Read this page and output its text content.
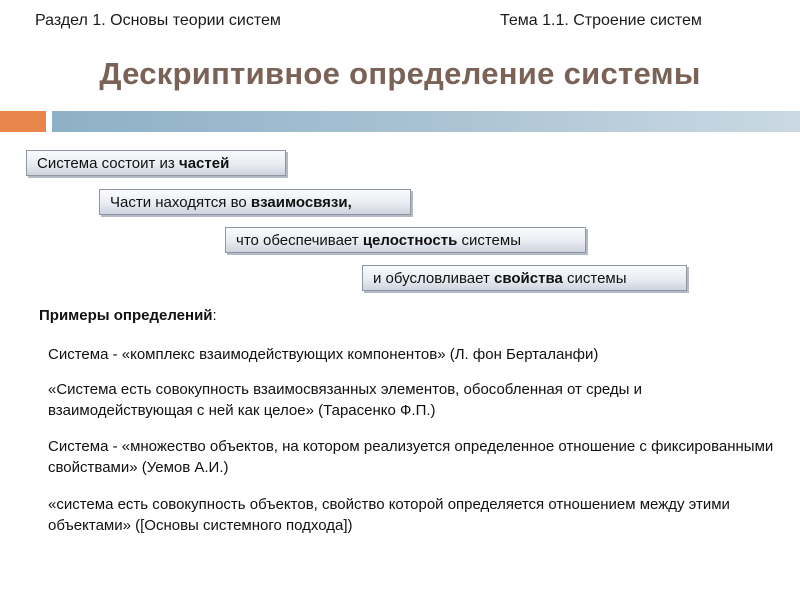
Раздел 1. Основы теории систем	Тема 1.1. Строение систем
Дескриптивное определение системы
Система состоит из частей
Части находятся во взаимосвязи,
что обеспечивает целостность системы
и обусловливает свойства системы
Примеры определений:
Система - «комплекс взаимодействующих компонентов» (Л. фон Берталанфи)
«Система есть совокупность взаимосвязанных элементов, обособленная от среды и взаимодействующая с ней как целое» (Тарасенко Ф.П.)
Система - «множество объектов, на котором реализуется определенное отношение с фиксированными свойствами» (Уемов А.И.)
«система есть совокупность объектов, свойство которой определяется отношением между этими объектами» ([Основы системного подхода])
